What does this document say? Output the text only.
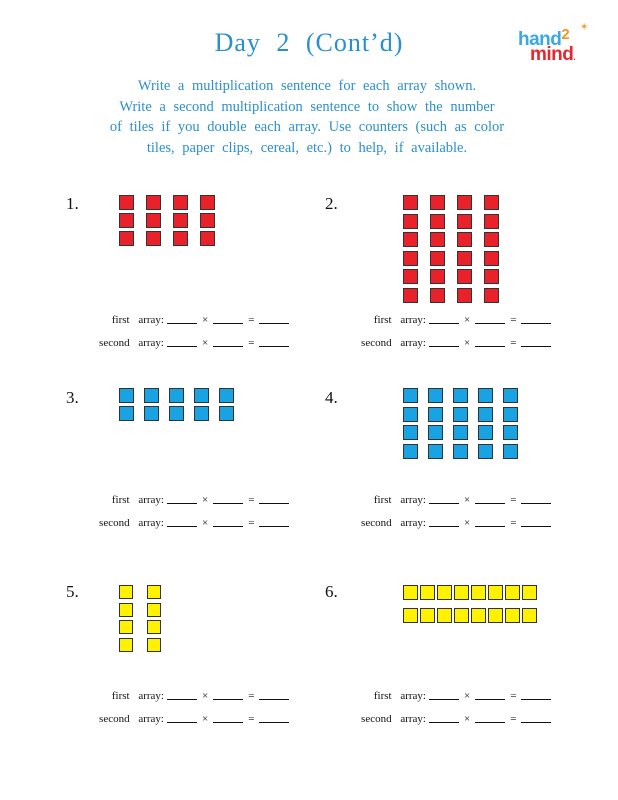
Day 2 (Cont’d)	hand$^2$
mind.
✶
Write a multiplication sentence for each array shown.
Write a second multiplication sentence to show the number
of tiles if you double each array. Use counters (such as color
tiles, paper clips, cereal, etc.) to help, if available.
1.
first array:	×	=
second array:	×	=
2.
first array:	×	=
second array:	×	=
3.
first array:	×	=
second array:	×	=
4.
first array:	×	=
second array:	×	=
5.
first array:	×	=
second array:	×	=
6.
first array:	×	=
second array:	×	=
